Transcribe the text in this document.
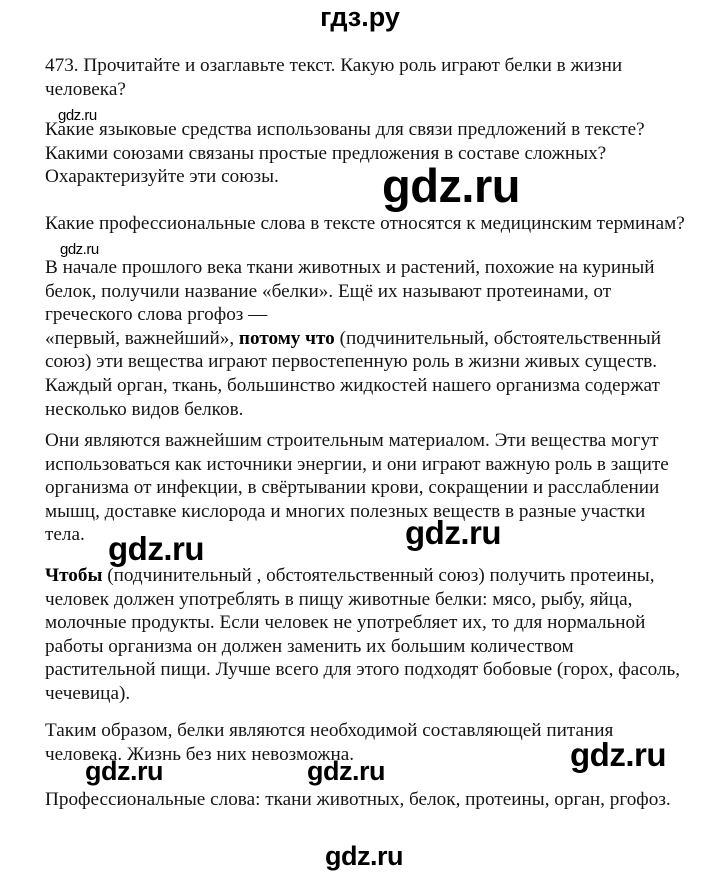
гдз.ру
473. Прочитайте и озаглавьте текст. Какую роль играют белки в жизни
человека?
Какие языковые средства использованы для связи предложений в тексте?
Какими союзами связаны простые предложения в составе сложных?
Охарактеризуйте эти союзы.
Какие профессиональные слова в тексте относятся к медицинским терминам?
В начале прошлого века ткани животных и растений, похожие на куриный
белок, получили название «белки». Ещё их называют протеинами, от
греческого слова ргофоз —
«первый, важнейший», потому что (подчинительный, обстоятельственный
союз) эти вещества играют первостепенную роль в жизни живых существ.
Каждый орган, ткань, большинство жидкостей нашего организма содержат
несколько видов белков.
Они являются важнейшим строительным материалом. Эти вещества могут
использоваться как источники энергии, и они играют важную роль в защите
организма от инфекции, в свёртывании крови, сокращении и расслаблении
мышц, доставке кислорода и многих полезных веществ в разные участки
тела.
Чтобы (подчинительный , обстоятельственный союз) получить протеины,
человек должен употреблять в пищу животные белки: мясо, рыбу, яйца,
молочные продукты. Если человек не употребляет их, то для нормальной
работы организма он должен заменить их большим количеством
растительной пищи. Лучше всего для этого подходят бобовые (горох, фасоль,
чечевица).
Таким образом, белки являются необходимой составляющей питания
человека. Жизнь без них невозможна.
Профессиональные слова: ткани животных, белок, протеины, орган, ргофоз.
gdz.ru
gdz.ru
gdz.ru
gdz.ru
gdz.ru
gdz.ru
gdz.ru	gdz.ru
gdz.ru
